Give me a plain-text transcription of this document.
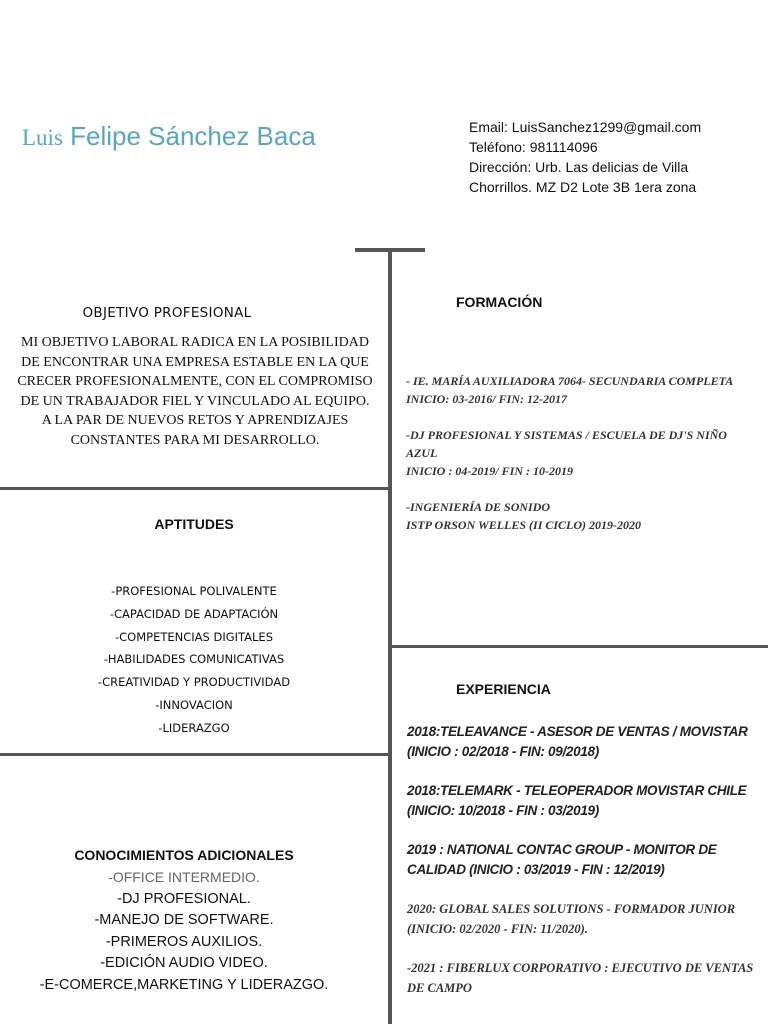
Luis Felipe Sánchez Baca	Email: LuisSanchez1299@gmail.com
Teléfono: 981114096
Dirección: Urb. Las delicias de Villa
Chorrillos. MZ D2 Lote 3B 1era zona
OBJETIVO PROFESIONAL
MI OBJETIVO LABORAL RADICA EN LA POSIBILIDAD
DE ENCONTRAR UNA EMPRESA ESTABLE EN LA QUE
CRECER PROFESIONALMENTE, CON EL COMPROMISO
DE UN TRABAJADOR FIEL Y VINCULADO AL EQUIPO.
A LA PAR DE NUEVOS RETOS Y APRENDIZAJES
CONSTANTES PARA MI DESARROLLO.
APTITUDES
-PROFESIONAL POLIVALENTE
-CAPACIDAD DE ADAPTACIÓN
-COMPETENCIAS DIGITALES
-HABILIDADES COMUNICATIVAS
-CREATIVIDAD Y PRODUCTIVIDAD
-INNOVACION
-LIDERAZGO
CONOCIMIENTOS ADICIONALES
-OFFICE INTERMEDIO.
-DJ PROFESIONAL.
-MANEJO DE SOFTWARE.
-PRIMEROS AUXILIOS.
-EDICIÓN AUDIO VIDEO.
-E-COMERCE,MARKETING Y LIDERAZGO.
FORMACIÓN
- IE. MARÍA AUXILIADORA 7064- SECUNDARIA COMPLETA
INICIO: 03-2016/ FIN: 12-2017
-DJ PROFESIONAL Y SISTEMAS / ESCUELA DE DJ'S NIÑO AZUL
INICIO : 04-2019/ FIN : 10-2019
-INGENIERÍA DE SONIDO
ISTP ORSON WELLES (II CICLO) 2019-2020
EXPERIENCIA
2018:TELEAVANCE - ASESOR DE VENTAS / MOVISTAR
(INICIO : 02/2018 - FIN: 09/2018)
2018:TELEMARK - TELEOPERADOR MOVISTAR CHILE
(INICIO: 10/2018 - FIN : 03/2019)
2019 : NATIONAL CONTAC GROUP - MONITOR DE CALIDAD (INICIO : 03/2019 - FIN : 12/2019)
2020: GLOBAL SALES SOLUTIONS - FORMADOR JUNIOR
(INICIO: 02/2020 - FIN: 11/2020).
-2021 : FIBERLUX CORPORATIVO : EJECUTIVO DE VENTAS DE CAMPO
